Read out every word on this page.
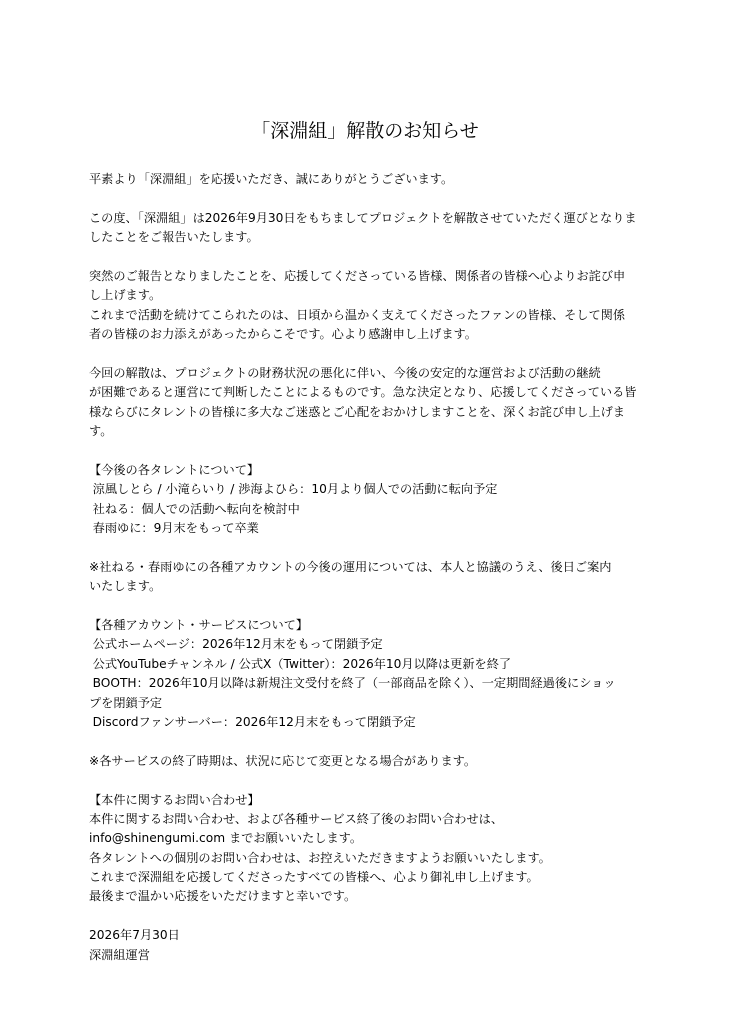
「深淵組」解散のお知らせ
平素より「深淵組」を応援いただき、誠にありがとうございます。
この度、「深淵組」は2026年9月30日をもちましてプロジェクトを解散させていただく運びとなりま
したことをご報告いたします。
突然のご報告となりましたことを、応援してくださっている皆様、関係者の皆様へ心よりお詫び申
し上げます。
これまで活動を続けてこられたのは、日頃から温かく支えてくださったファンの皆様、そして関係
者の皆様のお力添えがあったからこそです。心より感謝申し上げます。
今回の解散は、プロジェクトの財務状況の悪化に伴い、今後の安定的な運営および活動の継続
が困難であると運営にて判断したことによるものです。急な決定となり、応援してくださっている皆
様ならびにタレントの皆様に多大なご迷惑とご心配をおかけしますことを、深くお詫び申し上げま
す。
【今後の各タレントについて】
涼風しとら / 小滝らいり / 渉海よひら：10月より個人での活動に転向予定
社ねる：個人での活動へ転向を検討中
春雨ゆに：9月末をもって卒業
※社ねる・春雨ゆにの各種アカウントの今後の運用については、本人と協議のうえ、後日ご案内
いたします。
【各種アカウント・サービスについて】
公式ホームページ：2026年12月末をもって閉鎖予定
公式YouTubeチャンネル / 公式X（Twitter）：2026年10月以降は更新を終了
BOOTH：2026年10月以降は新規注文受付を終了（一部商品を除く）、一定期間経過後にショッ
プを閉鎖予定
Discordファンサーバー：2026年12月末をもって閉鎖予定
※各サービスの終了時期は、状況に応じて変更となる場合があります。
【本件に関するお問い合わせ】
本件に関するお問い合わせ、および各種サービス終了後のお問い合わせは、
info@shinengumi.com までお願いいたします。
各タレントへの個別のお問い合わせは、お控えいただきますようお願いいたします。
これまで深淵組を応援してくださったすべての皆様へ、心より御礼申し上げます。
最後まで温かい応援をいただけますと幸いです。
2026年7月30日
深淵組運営
